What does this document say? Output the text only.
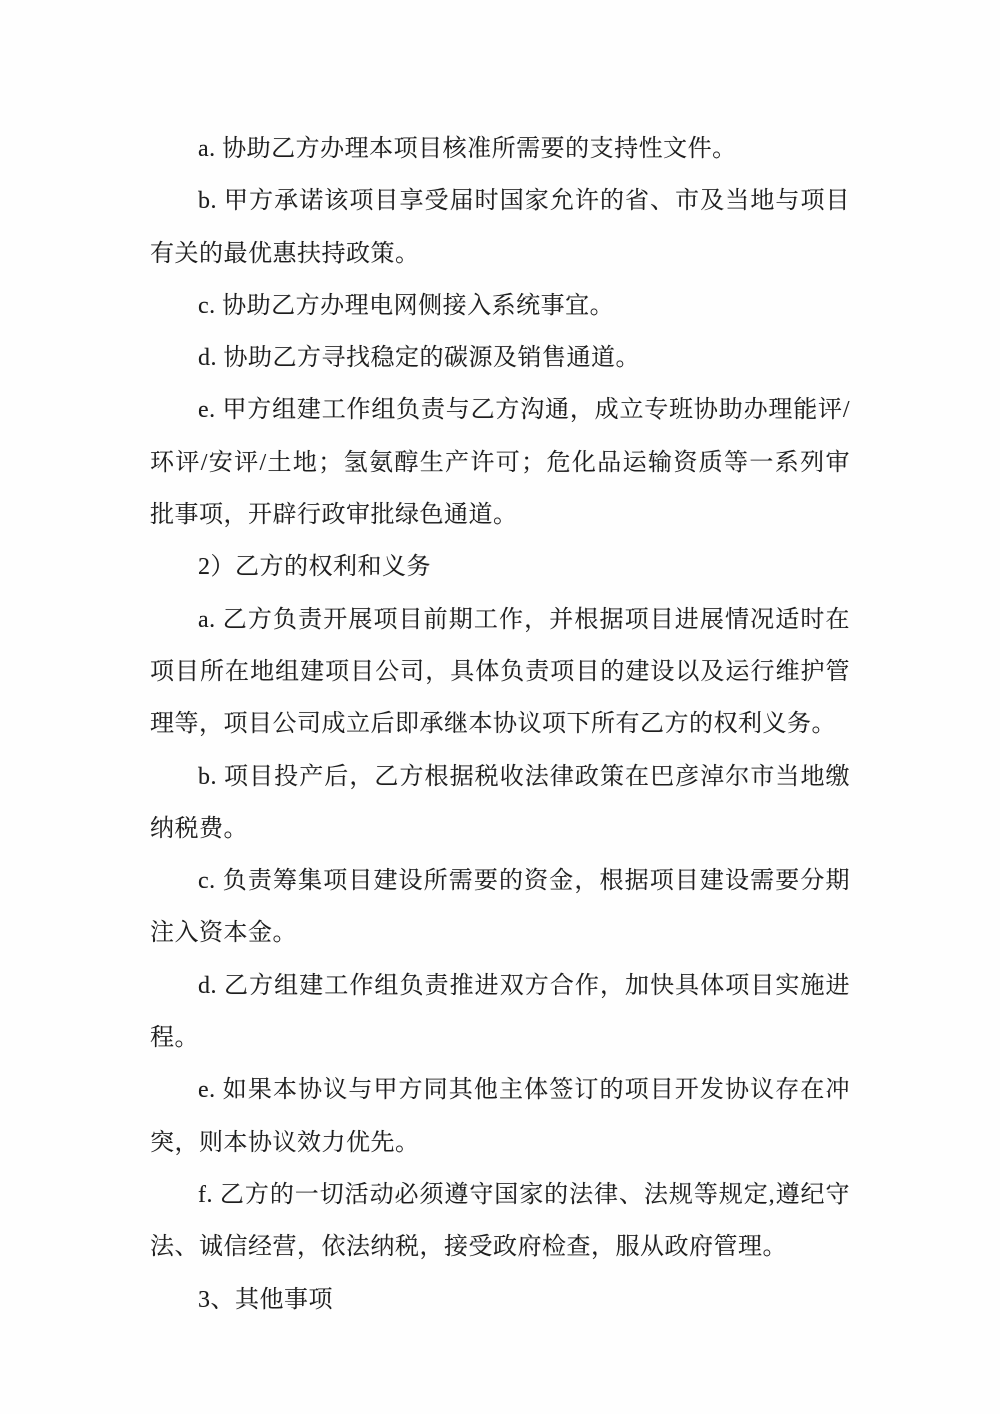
a. 协助乙方办理本项目核准所需要的支持性文件。

b. 甲方承诺该项目享受届时国家允许的省、市及当地与项目有关的最优惠扶持政策。

c. 协助乙方办理电网侧接入系统事宜。

d. 协助乙方寻找稳定的碳源及销售通道。

e. 甲方组建工作组负责与乙方沟通，成立专班协助办理能评/环评/安评/土地；氢氨醇生产许可；危化品运输资质等一系列审批事项，开辟行政审批绿色通道。

2）乙方的权利和义务

a. 乙方负责开展项目前期工作，并根据项目进展情况适时在项目所在地组建项目公司，具体负责项目的建设以及运行维护管理等，项目公司成立后即承继本协议项下所有乙方的权利义务。

b. 项目投产后，乙方根据税收法律政策在巴彦淖尔市当地缴纳税费。

c. 负责筹集项目建设所需要的资金，根据项目建设需要分期注入资本金。

d. 乙方组建工作组负责推进双方合作，加快具体项目实施进程。

e. 如果本协议与甲方同其他主体签订的项目开发协议存在冲突，则本协议效力优先。

f. 乙方的一切活动必须遵守国家的法律、法规等规定,遵纪守法、诚信经营，依法纳税，接受政府检查，服从政府管理。

3、其他事项
